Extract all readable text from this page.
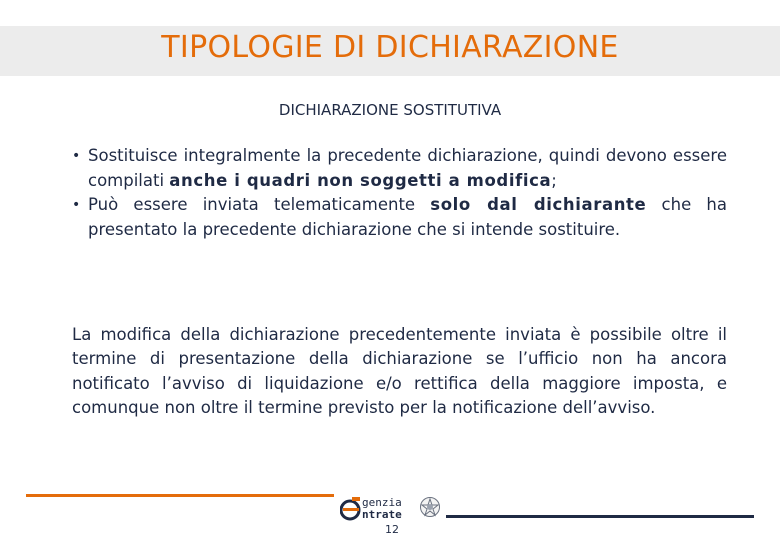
TIPOLOGIE DI DICHIARAZIONE
DICHIARAZIONE SOSTITUTIVA
• Sostituisce integralmente la precedente dichiarazione, quindi devono essere compilati anche i quadri non soggetti a modifica;
• Può essere inviata telematicamente solo dal dichiarante che ha presentato la precedente dichiarazione che si intende sostituire.

La modifica della dichiarazione precedentemente inviata è possibile oltre il termine di presentazione della dichiarazione se l’ufficio non ha ancora notificato l’avviso di liquidazione e/o rettifica della maggiore imposta, e comunque non oltre il termine previsto per la notificazione dell’avviso.

genzia
ntrate
12
